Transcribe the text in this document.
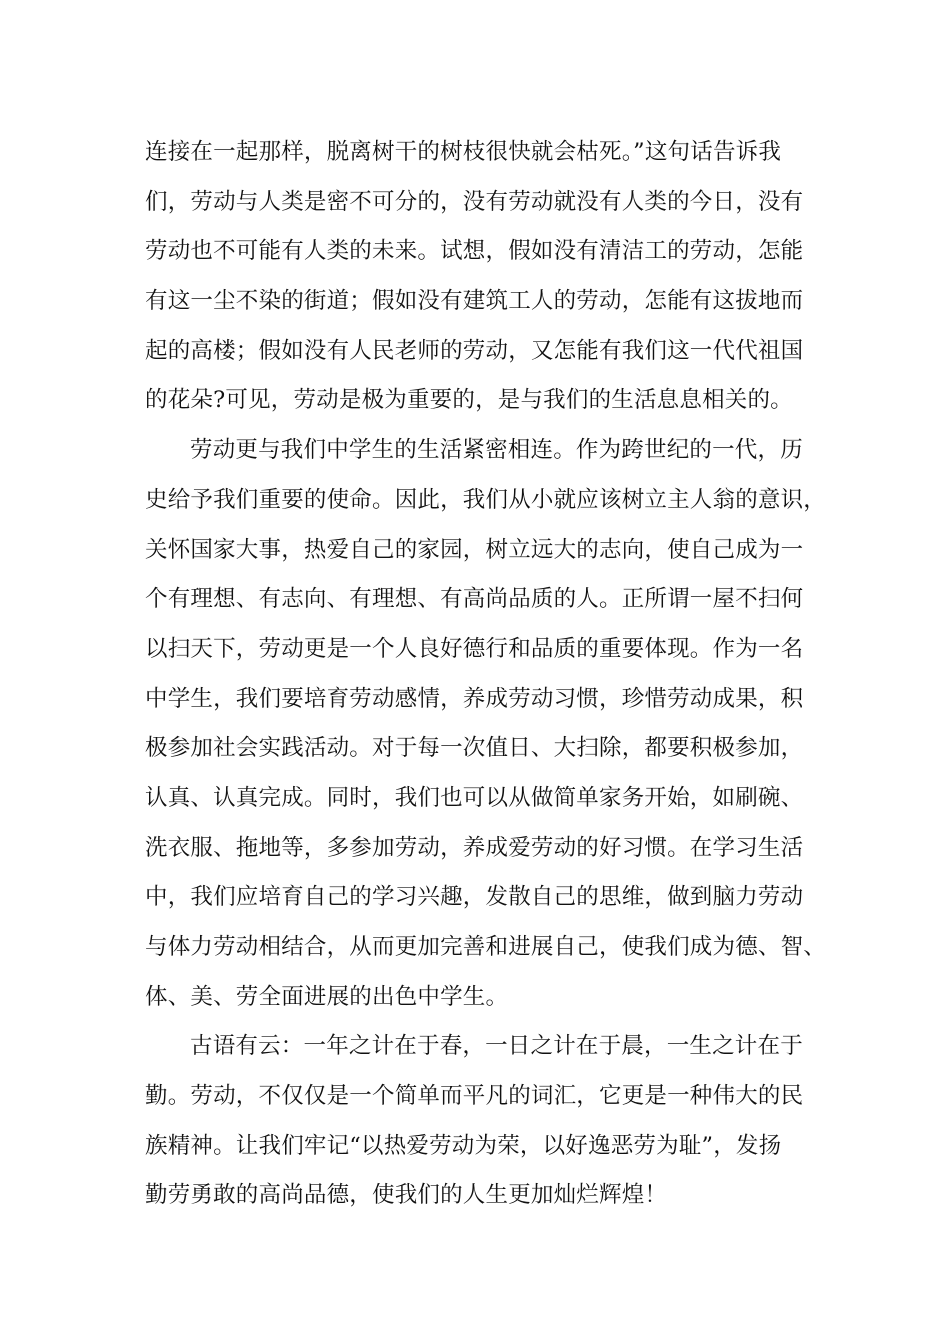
连接在一起那样，脱离树干的树枝很快就会枯死。”这句话告诉我
们，劳动与人类是密不可分的，没有劳动就没有人类的今日，没有
劳动也不可能有人类的未来。试想，假如没有清洁工的劳动，怎能
有这一尘不染的街道；假如没有建筑工人的劳动，怎能有这拔地而
起的高楼；假如没有人民老师的劳动，又怎能有我们这一代代祖国
的花朵?可见，劳动是极为重要的，是与我们的生活息息相关的。
劳动更与我们中学生的生活紧密相连。作为跨世纪的一代，历
史给予我们重要的使命。因此，我们从小就应该树立主人翁的意识，
关怀国家大事，热爱自己的家园，树立远大的志向，使自己成为一
个有理想、有志向、有理想、有高尚品质的人。正所谓一屋不扫何
以扫天下，劳动更是一个人良好德行和品质的重要体现。作为一名
中学生，我们要培育劳动感情，养成劳动习惯，珍惜劳动成果，积
极参加社会实践活动。对于每一次值日、大扫除，都要积极参加，
认真、认真完成。同时，我们也可以从做简单家务开始，如刷碗、
洗衣服、拖地等，多参加劳动，养成爱劳动的好习惯。在学习生活
中，我们应培育自己的学习兴趣，发散自己的思维，做到脑力劳动
与体力劳动相结合，从而更加完善和进展自己，使我们成为德、智、
体、美、劳全面进展的出色中学生。
古语有云：一年之计在于春，一日之计在于晨，一生之计在于
勤。劳动，不仅仅是一个简单而平凡的词汇，它更是一种伟大的民
族精神。让我们牢记“以热爱劳动为荣，以好逸恶劳为耻”，发扬
勤劳勇敢的高尚品德，使我们的人生更加灿烂辉煌！
